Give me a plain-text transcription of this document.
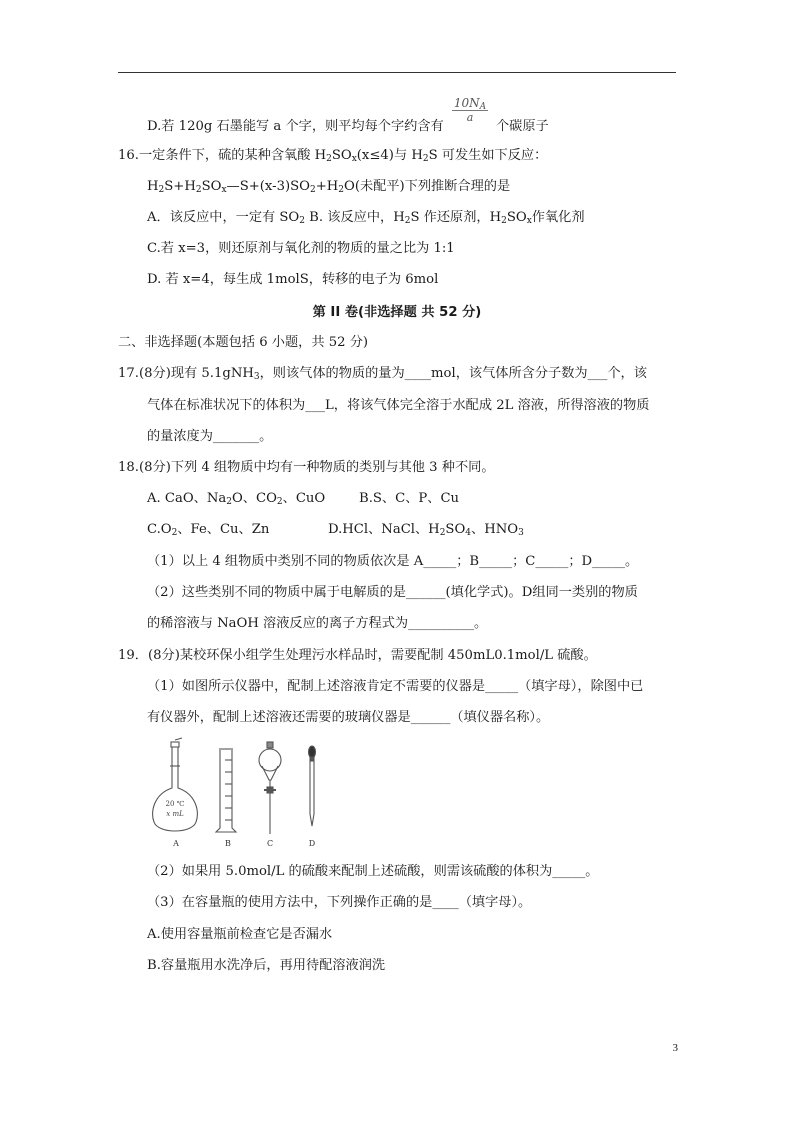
D.若 120g 石墨能写 a 个字，则平均每个字约含有
$10N_A$
a
个碳原子
16.一定条件下，硫的某种含氧酸 $H_2SO_x(x\le 4)$与 $H_2S$ 可发生如下反应：
$H_2S+H_2SO_x—S+(x-3)SO_2+H_2O$(未配平)下列推断合理的是
A．该反应中，一定有 $SO_2$ B. 该反应中，$H_2S$ 作还原剂，$H_2SO_x$作氧化剂
C.若 x=3，则还原剂与氧化剂的物质的量之比为 1:1
D. 若 x=4，每生成 1molS，转移的电子为 6mol
第 II 卷(非选择题 共 52 分)
二、非选择题(本题包括 6 小题，共 52 分)
17.(8分)现有 5.1gNH$_3$，则该气体的物质的量为____mol，该气体所含分子数为___个，该
气体在标准状况下的体积为___L，将该气体完全溶于水配成 2L 溶液，所得溶液的物质
的量浓度为_______。
18.(8分)下列 4 组物质中均有一种物质的类别与其他 3 种不同。
A. CaO、$Na_2O$、$CO_2$、CuO	B.S、C、P、Cu
$C.O_2$、Fe、Cu、Zn	D.HCl、NaCl、$H_2SO_4$、$HNO_3$
（1）以上 4 组物质中类别不同的物质依次是 A_____；B_____；C_____；D_____。
（2）这些类别不同的物质中属于电解质的是______(填化学式)。D组同一类别的物质
的稀溶液与 NaOH 溶液反应的离子方程式为__________。
19．(8分)某校环保小组学生处理污水样品时，需要配制 450mL0.1mol/L 硫酸。
（1）如图所示仪器中，配制上述溶液肯定不需要的仪器是_____（填字母），除图中已
有仪器外，配制上述溶液还需要的玻璃仪器是______（填仪器名称）。
20 ℃
x mL
A	B	C	D
（2）如果用 5.0mol/L 的硫酸来配制上述硫酸，则需该硫酸的体积为_____。
（3）在容量瓶的使用方法中，下列操作正确的是____（填字母）。
A.使用容量瓶前检查它是否漏水
B.容量瓶用水洗净后，再用待配溶液润洗
3
